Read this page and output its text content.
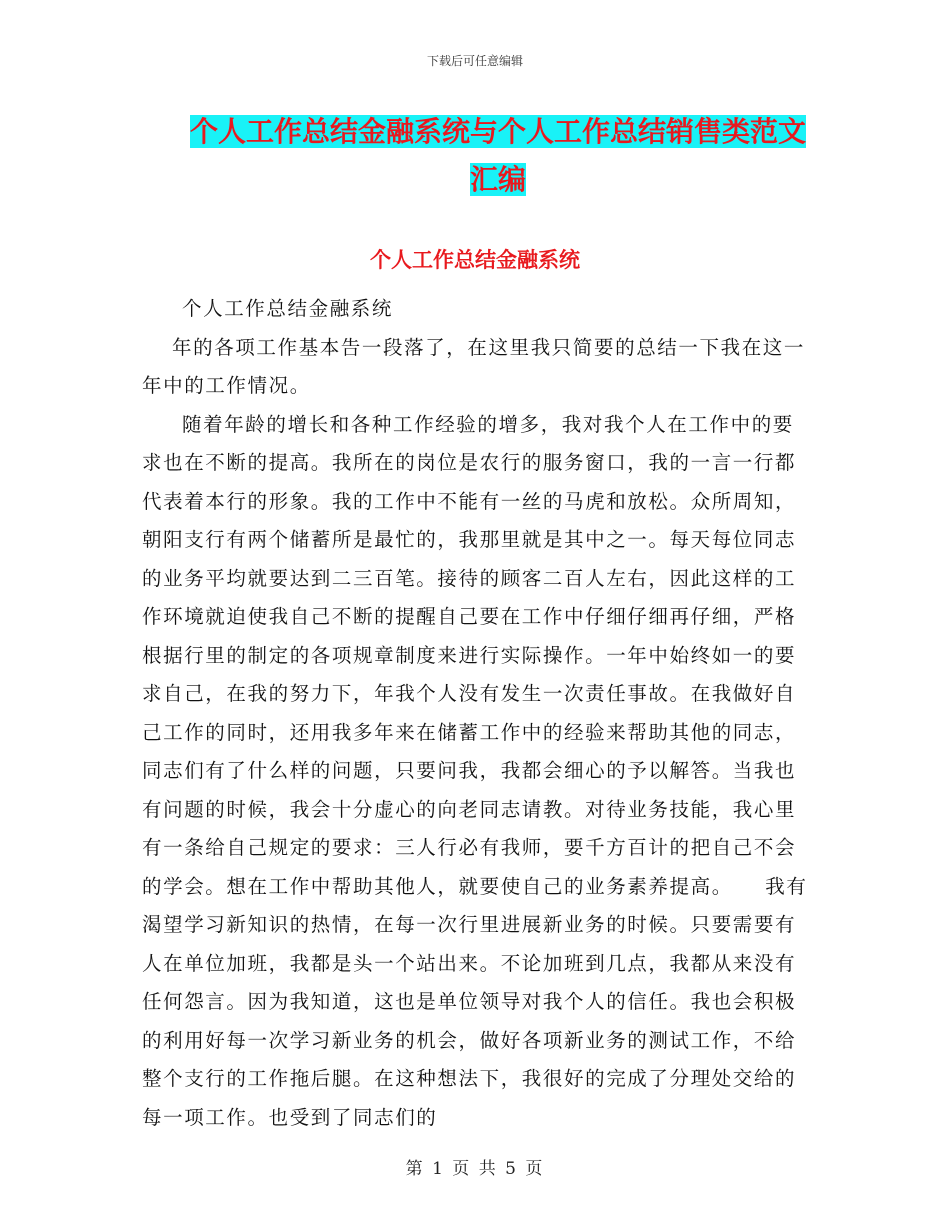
下载后可任意编辑
个人工作总结金融系统与个人工作总结销售类范文汇编
个人工作总结金融系统

个人工作总结金融系统

年的各项工作基本告一段落了，在这里我只简要的总结一下我在这一年中的工作情况。

随着年龄的增长和各种工作经验的增多，我对我个人在工作中的要求也在不断的提高。我所在的岗位是农行的服务窗口，我的一言一行都代表着本行的形象。我的工作中不能有一丝的马虎和放松。众所周知，朝阳支行有两个储蓄所是最忙的，我那里就是其中之一。每天每位同志的业务平均就要达到二三百笔。接待的顾客二百人左右，因此这样的工作环境就迫使我自己不断的提醒自己要在工作中仔细仔细再仔细，严格根据行里的制定的各项规章制度来进行实际操作。一年中始终如一的要求自己，在我的努力下，年我个人没有发生一次责任事故。在我做好自己工作的同时，还用我多年来在储蓄工作中的经验来帮助其他的同志，同志们有了什么样的问题，只要问我，我都会细心的予以解答。当我也有问题的时候，我会十分虚心的向老同志请教。对待业务技能，我心里有一条给自己规定的要求：三人行必有我师，要千方百计的把自己不会的学会。想在工作中帮助其他人，就要使自己的业务素养提高。　　我有渴望学习新知识的热情，在每一次行里进展新业务的时候。只要需要有人在单位加班，我都是头一个站出来。不论加班到几点，我都从来没有任何怨言。因为我知道，这也是单位领导对我个人的信任。我也会积极的利用好每一次学习新业务的机会，做好各项新业务的测试工作，不给整个支行的工作拖后腿。在这种想法下，我很好的完成了分理处交给的每一项工作。也受到了同志们的

第 1 页 共 5 页
